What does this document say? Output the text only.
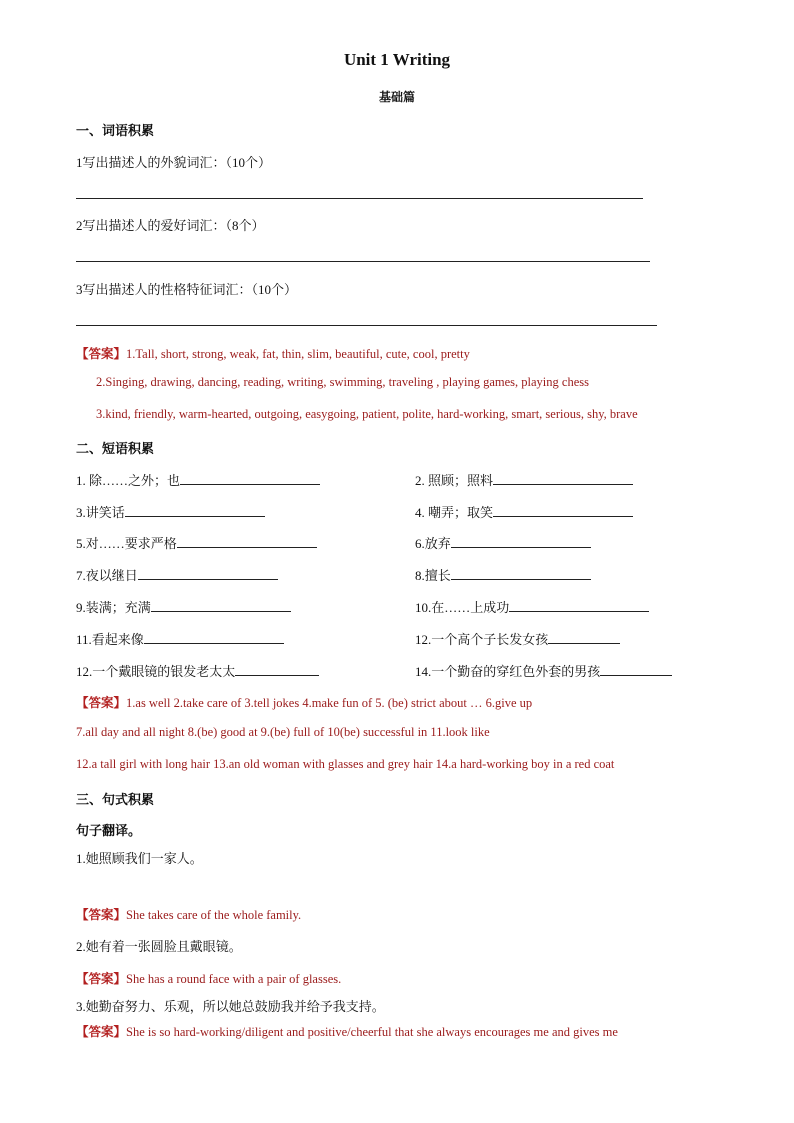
Unit 1 Writing
基础篇
一、词语积累
1写出描述人的外貌词汇：（10个）
2写出描述人的爱好词汇：（8个）
3写出描述人的性格特征词汇：（10个）
【答案】1.Tall, short, strong, weak, fat, thin, slim, beautiful, cute, cool, pretty
2.Singing, drawing, dancing, reading, writing, swimming, traveling , playing games, playing chess
3.kind, friendly, warm-hearted, outgoing, easygoing, patient, polite, hard-working, smart, serious, shy, brave
二、短语积累
1. 除……之外；也	2. 照顾；照料
3.讲笑话	4. 嘲弄；取笑
5.对……要求严格	6.放弃
7.夜以继日	8.擅长
9.装满；充满	10.在……上成功
11.看起来像	12.一个高个子长发女孩
12.一个戴眼镜的银发老太太	14.一个勤奋的穿红色外套的男孩
【答案】1.as well 2.take care of 3.tell jokes 4.make fun of 5. (be) strict about … 6.give up
7.all day and all night 8.(be) good at 9.(be) full of 10(be) successful in 11.look like
12.a tall girl with long hair 13.an old woman with glasses and grey hair 14.a hard-working boy in a red coat
三、句式积累
句子翻译。
1.她照顾我们一家人。
【答案】She takes care of the whole family.
2.她有着一张圆脸且戴眼镜。
【答案】She has a round face with a pair of glasses.
3.她勤奋努力、乐观，所以她总鼓励我并给予我支持。
【答案】She is so hard-working/diligent and positive/cheerful that she always encourages me and gives me
